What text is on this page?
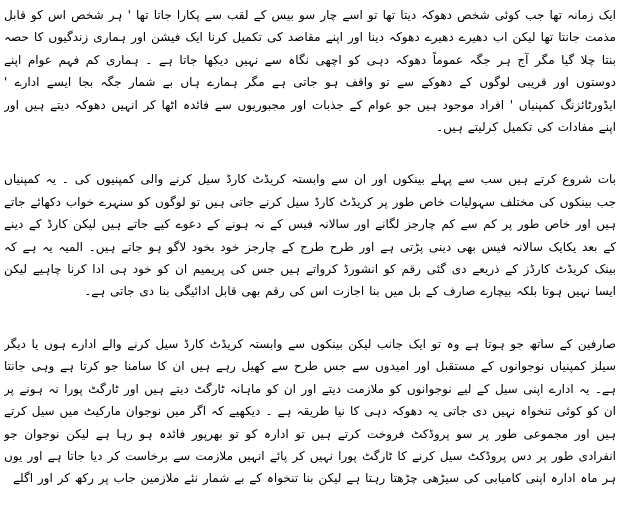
ایک زمانہ تھا جب کوئی شخص دھوکہ دیتا تھا تو اسے چار سو بیس کے لقب سے پکارا جاتا تھا ' ہر شخص اس کو قابل مذمت جانتا تھا لیکن اب دھیرے دھیرے دھوکہ دینا اور اپنے مقاصد کی تکمیل کرنا ایک فیشن اور ہماری زندگیوں کا حصہ بنتا چلا گیا مگر آج ہر جگہ عموماً دھوکہ دہی کو اچھی نگاہ سے نہیں دیکھا جاتا ہے ۔ ہماری کم فہم عوام اپنے دوستوں اور قریبی لوگوں کے دھوکے سے تو واقف ہو جاتی ہے مگر ہمارے ہاں بے شمار جگہ بجا ایسے ادارے ' ایڈورٹائزنگ کمپنیاں ' افراد موجود ہیں جو عوام کے جذبات اور مجبوریوں سے فائدہ اٹھا کر انہیں دھوکہ دیتے ہیں اور اپنے مفادات کی تکمیل کرلیتے ہیں۔

بات شروع کرتے ہیں سب سے پہلے بینکوں اور ان سے وابستہ کریڈٹ کارڈ سیل کرنے والی کمپنیوں کی ۔ یہ کمپنیاں جب بینکوں کی مختلف سہولیات خاص طور پر کریڈٹ کارڈ سیل کرنے جاتی ہیں تو لوگوں کو سنہرے خواب دکھائے جاتے ہیں اور خاص طور پر کم سے کم چارجز لگانے اور سالانہ فیس کے نہ ہونے کے دعوے کیے جاتے ہیں لیکن کارڈ کے دینے کے بعد یکایک سالانہ فیس بھی دینی پڑتی ہے اور طرح طرح کے چارجز خود بخود لاگو ہو جاتے ہیں۔ المیہ یہ ہے کہ بینک کریڈٹ کارڈز کے ذریعے دی گئی رقم کو انشورڈ کرواتے ہیں جس کی پریمیم ان کو خود ہی ادا کرنا چاہیے لیکن ایسا نہیں ہوتا بلکہ بیچارے صارف کے بل میں بنا اجازت اس کی رقم بھی قابل ادائیگی بنا دی جاتی ہے۔

صارفین کے ساتھ جو ہوتا ہے وہ تو ایک جانب لیکن بینکوں سے وابستہ کریڈٹ کارڈ سیل کرنے والے ادارے ہوں یا دیگر سیلز کمپنیاں نوجوانوں کے مستقبل اور امیدوں سے جس طرح سے کھیل رہے ہیں ان کا سامنا جو کرتا ہے وہی جانتا ہے۔ یہ ادارے اپنی سیل کے لیے نوجوانوں کو ملازمت دیتے اور ان کو ماہانہ ٹارگٹ دیتے ہیں اور ٹارگٹ پورا نہ ہونے پر ان کو کوئی تنخواہ نہیں دی جاتی یہ دھوکہ دہی کا نیا طریقہ ہے ۔ دیکھیے کہ اگر میں نوجوان مارکیٹ میں سیل کرتے ہیں اور مجموعی طور پر سو پروڈکٹ فروخت کرتے ہیں تو ادارہ کو تو بھرپور فائدہ ہو رہا ہے لیکن نوجوان جو انفرادی طور پر دس پروڈکٹ سیل کرنے کا ٹارگٹ پورا نہیں کر پائے انہیں ملازمت سے برخاست کر دیا جاتا ہے اور یوں ہر ماہ ادارہ اپنی کامیابی کی سیڑھی چڑھتا رہتا ہے لیکن بنا تنخواہ کے بے شمار نئے ملازمین جاب پر رکھ کر اور اگلے
